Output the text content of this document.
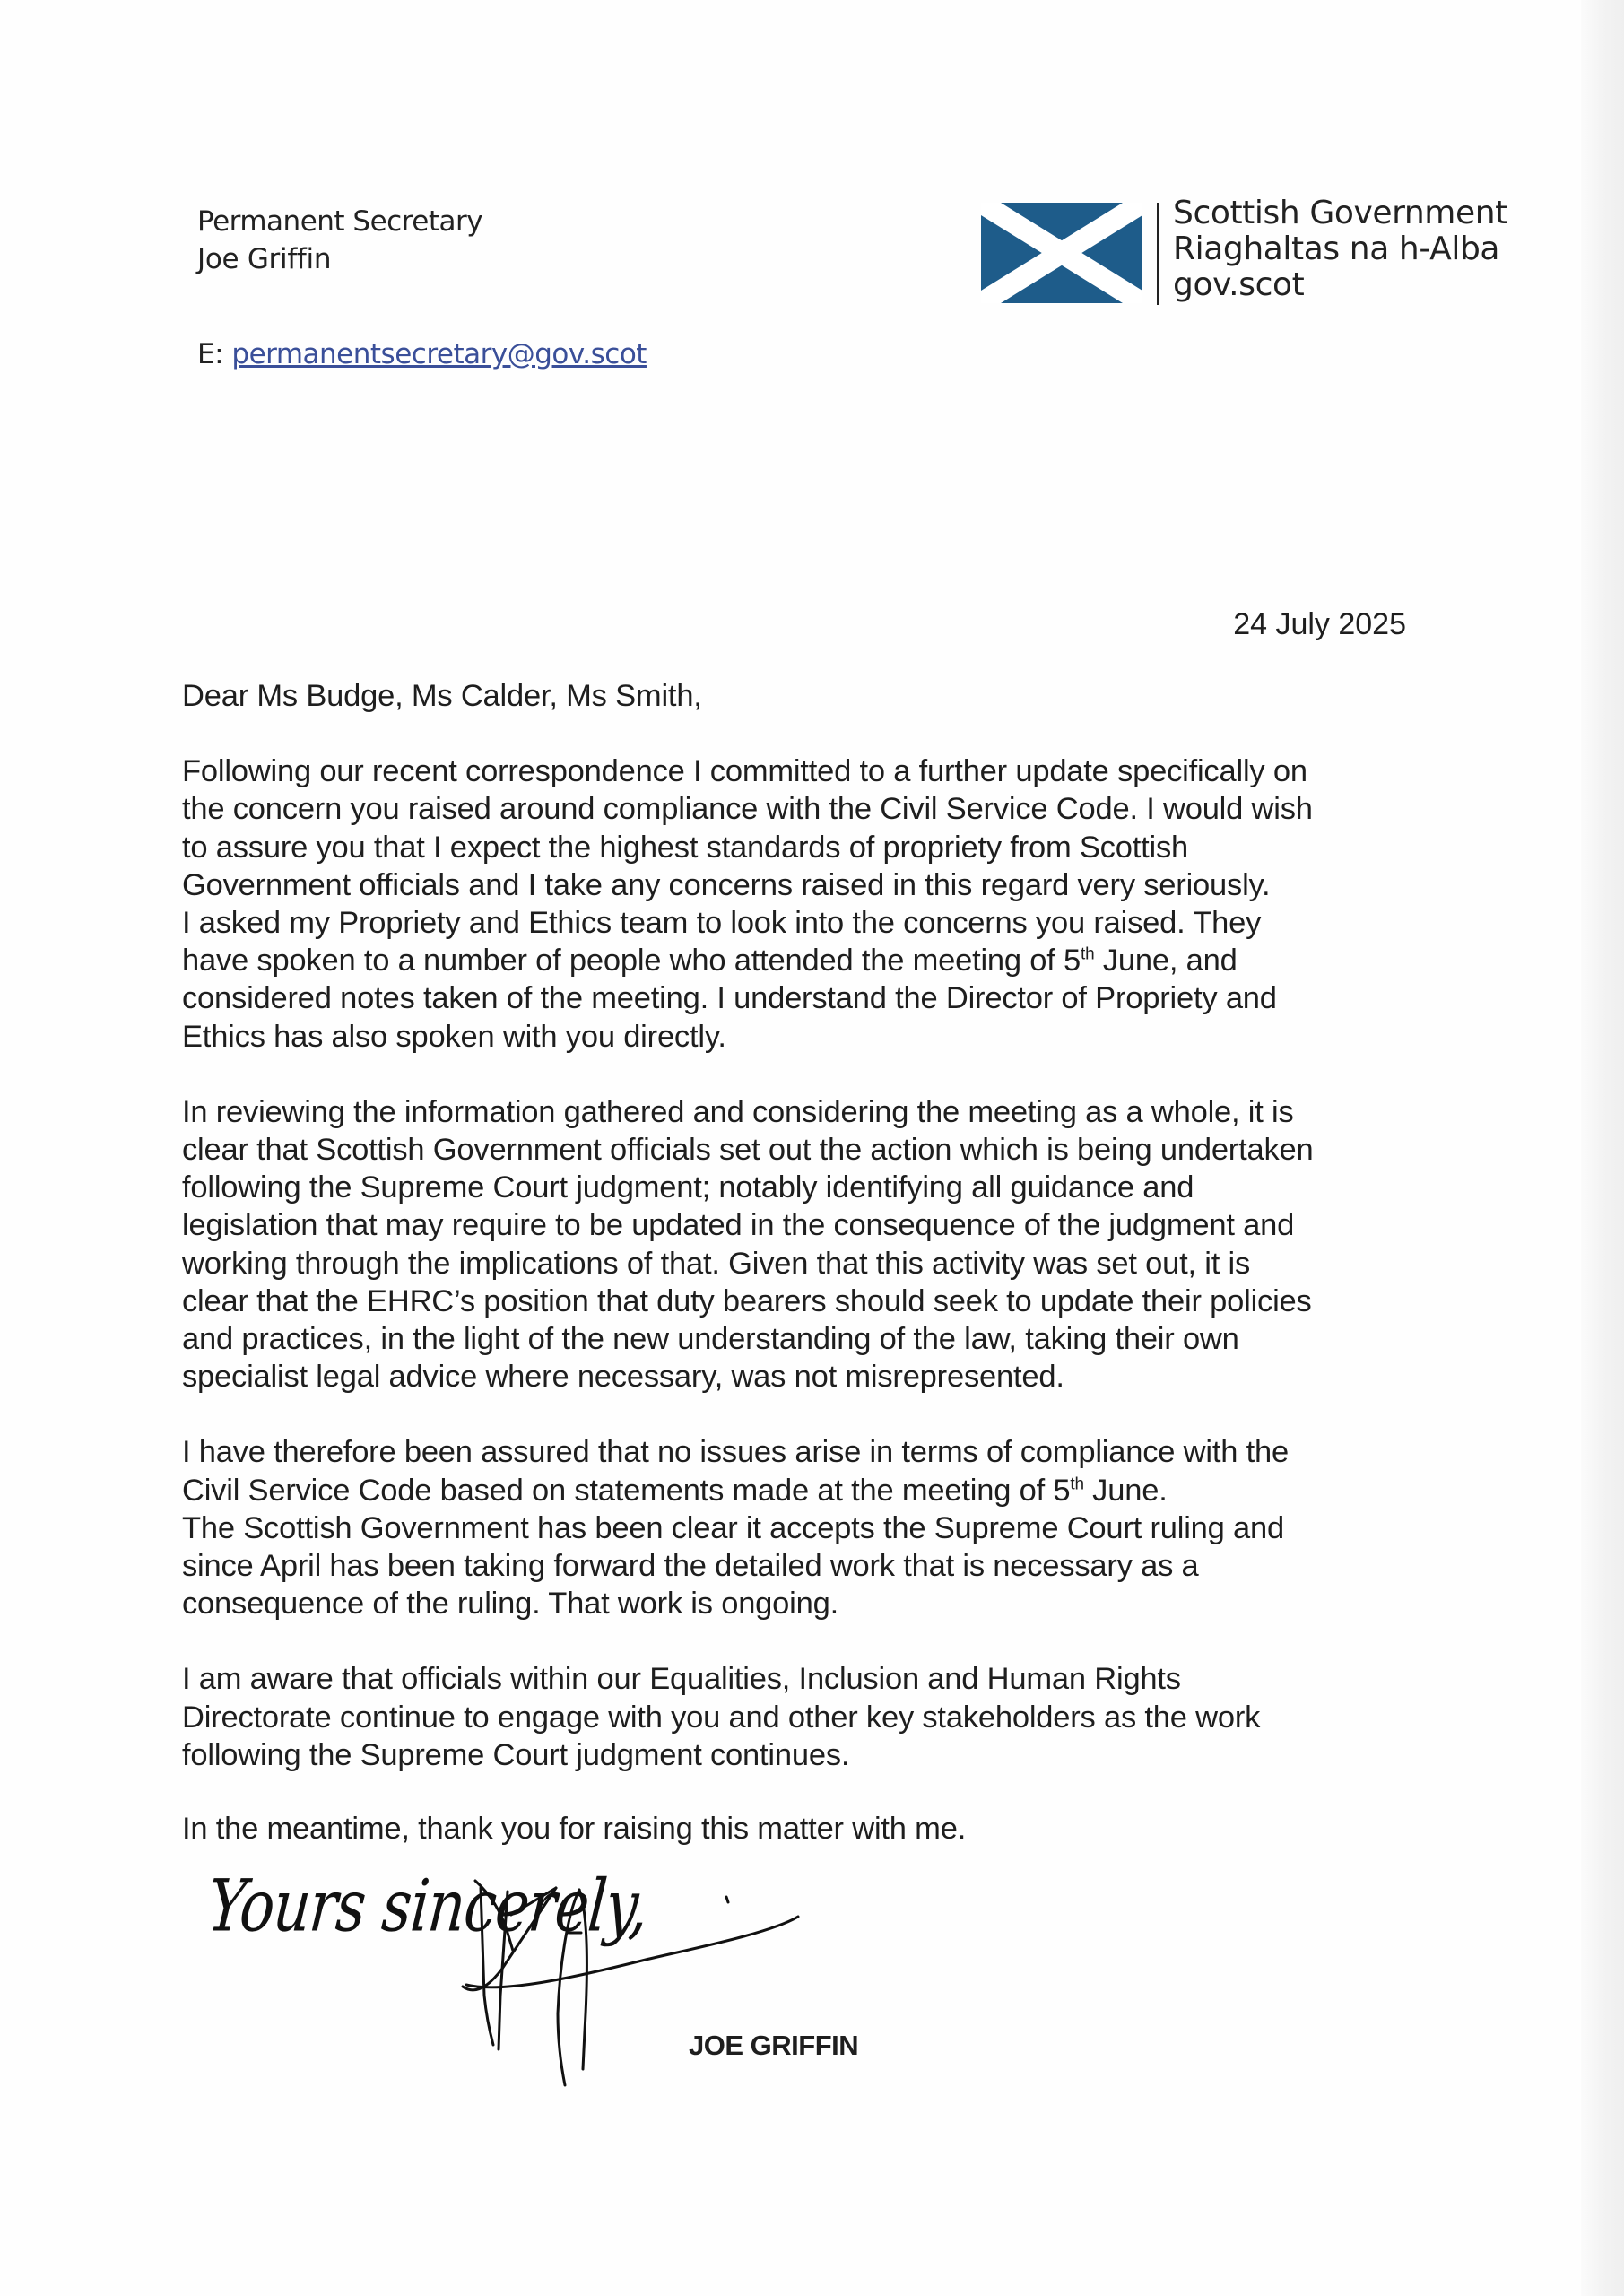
Permanent Secretary
Joe Griffin
E: permanentsecretary@gov.scot
Scottish Government
Riaghaltas na h-Alba
gov.scot
24 July 2025

Dear Ms Budge, Ms Calder, Ms Smith,

Following our recent correspondence I committed to a further update specifically on
the concern you raised around compliance with the Civil Service Code. I would wish
to assure you that I expect the highest standards of propriety from Scottish
Government officials and I take any concerns raised in this regard very seriously.
I asked my Propriety and Ethics team to look into the concerns you raised. They
have spoken to a number of people who attended the meeting of 5th June, and
considered notes taken of the meeting. I understand the Director of Propriety and
Ethics has also spoken with you directly.

In reviewing the information gathered and considering the meeting as a whole, it is
clear that Scottish Government officials set out the action which is being undertaken
following the Supreme Court judgment; notably identifying all guidance and
legislation that may require to be updated in the consequence of the judgment and
working through the implications of that. Given that this activity was set out, it is
clear that the EHRC’s position that duty bearers should seek to update their policies
and practices, in the light of the new understanding of the law, taking their own
specialist legal advice where necessary, was not misrepresented.

I have therefore been assured that no issues arise in terms of compliance with the
Civil Service Code based on statements made at the meeting of 5th June.
The Scottish Government has been clear it accepts the Supreme Court ruling and
since April has been taking forward the detailed work that is necessary as a
consequence of the ruling. That work is ongoing.

I am aware that officials within our Equalities, Inclusion and Human Rights
Directorate continue to engage with you and other key stakeholders as the work
following the Supreme Court judgment continues.

In the meantime, thank you for raising this matter with me.
Yours sincerely,
JOE GRIFFIN
